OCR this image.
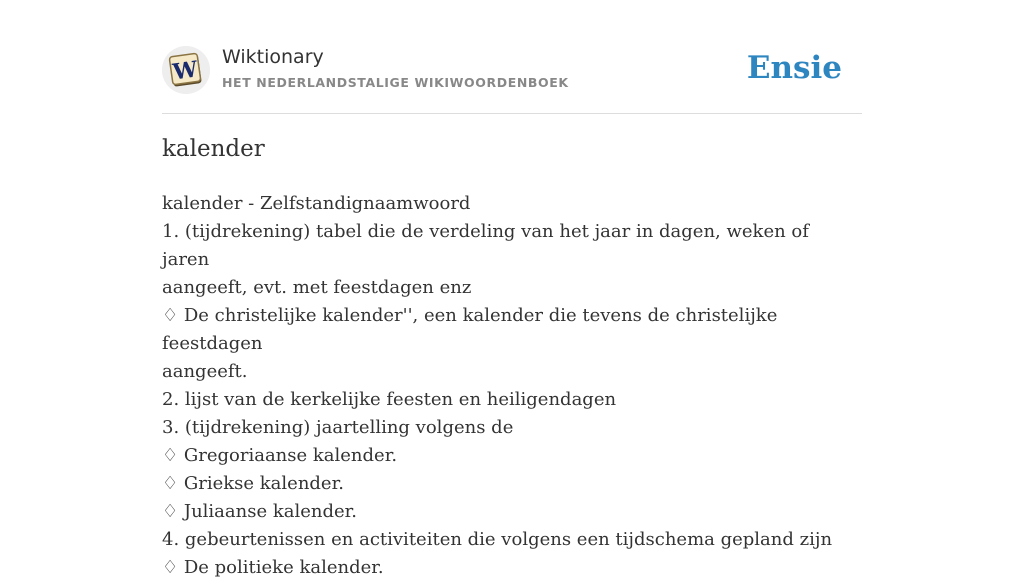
W Wiktionary
HET NEDERLANDSTALIGE WIKIWOORDENBOEK	Ensie
kalender
kalender - Zelfstandignaamwoord
1. (tijdrekening) tabel die de verdeling van het jaar in dagen, weken of jaren
aangeeft, evt. met feestdagen enz
♢ De christelijke kalender'', een kalender die tevens de christelijke feestdagen
aangeeft.
2. lijst van de kerkelijke feesten en heiligendagen
3. (tijdrekening) jaartelling volgens de
♢ Gregoriaanse kalender.
♢ Griekse kalender.
♢ Juliaanse kalender.
4. gebeurtenissen en activiteiten die volgens een tijdschema gepland zijn
♢ De politieke kalender.
